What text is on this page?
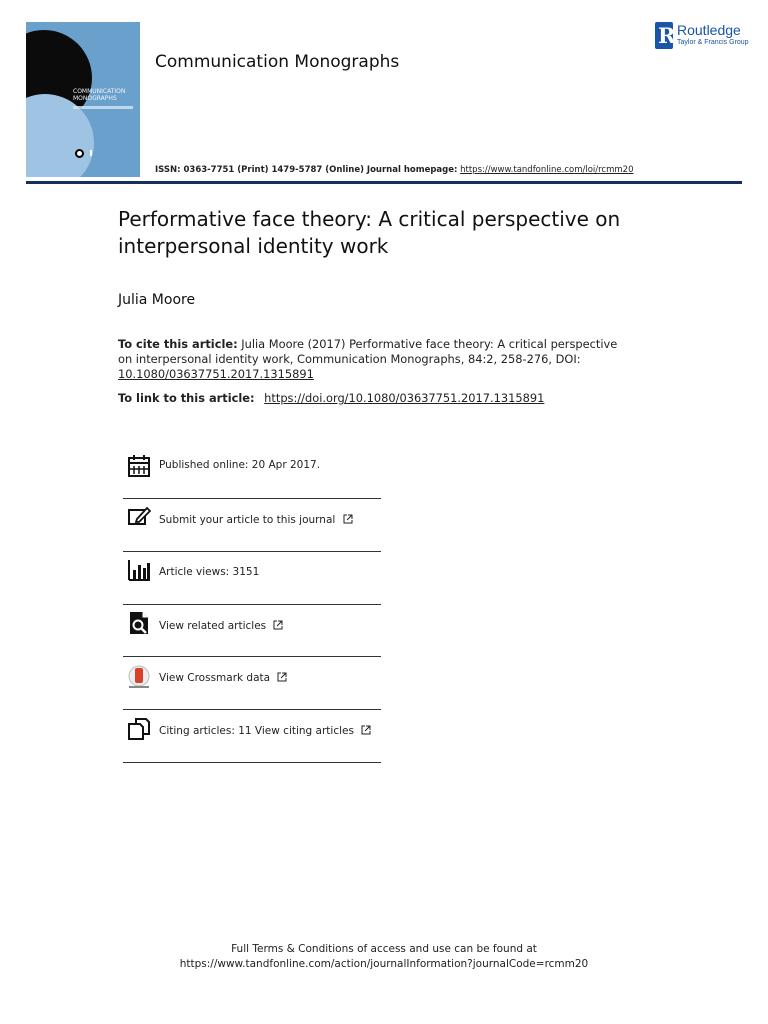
COMMUNICATION MONOGRAPHS
Communication Monographs
R Routledge
Taylor & Francis Group
ISSN: 0363-7751 (Print) 1479-5787 (Online) Journal homepage: https://www.tandfonline.com/loi/rcmm20
Performative face theory: A critical perspective on interpersonal identity work
Julia Moore
To cite this article: Julia Moore (2017) Performative face theory: A critical perspective on interpersonal identity work, Communication Monographs, 84:2, 258-276, DOI: 10.1080/03637751.2017.1315891
To link to this article: https://doi.org/10.1080/03637751.2017.1315891
Published online: 20 Apr 2017.
Submit your article to this journal
Article views: 3151
View related articles
View Crossmark data
Citing articles: 11 View citing articles
Full Terms & Conditions of access and use can be found at
https://www.tandfonline.com/action/journalInformation?journalCode=rcmm20
